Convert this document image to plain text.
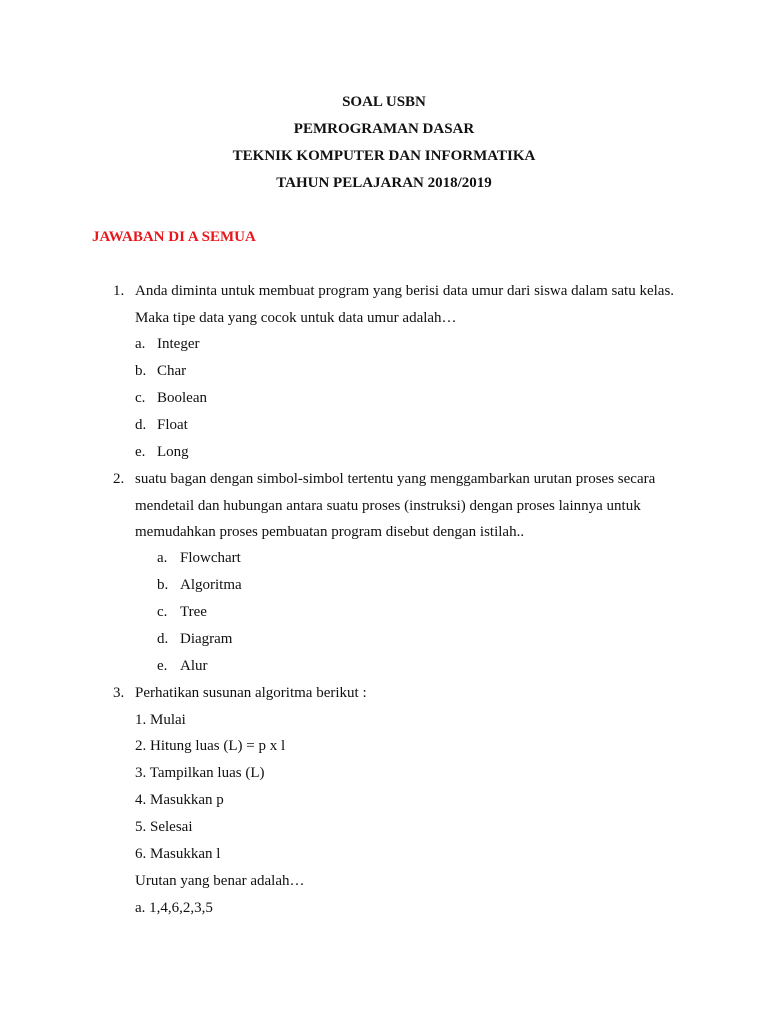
SOAL USBN
PEMROGRAMAN DASAR
TEKNIK KOMPUTER DAN INFORMATIKA
TAHUN PELAJARAN 2018/2019
JAWABAN DI A SEMUA
1. Anda diminta untuk membuat program yang berisi data umur dari siswa dalam satu kelas.
Maka tipe data yang cocok untuk data umur adalah…
a. Integer
b. Char
c. Boolean
d. Float
e. Long
2. suatu bagan dengan simbol-simbol tertentu yang menggambarkan urutan proses secara
mendetail dan hubungan antara suatu proses (instruksi) dengan proses lainnya untuk
memudahkan proses pembuatan program disebut dengan istilah..
a. Flowchart
b. Algoritma
c. Tree
d. Diagram
e. Alur
3. Perhatikan susunan algoritma berikut :
1. Mulai
2. Hitung luas (L) = p x l
3. Tampilkan luas (L)
4. Masukkan p
5. Selesai
6. Masukkan l
Urutan yang benar adalah…
a. 1,4,6,2,3,5
